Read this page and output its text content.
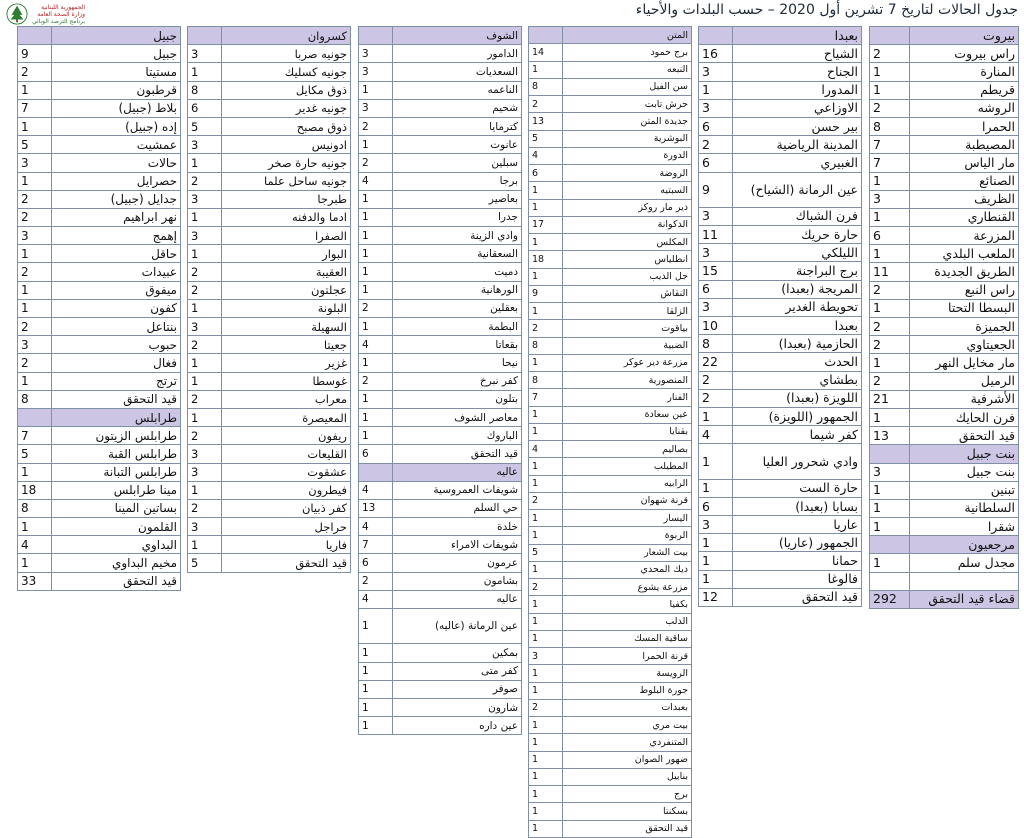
جدول الحالات لتاريخ 7 تشرين أول 2020 – حسب البلدات والأحياء
الجمهورية اللبنانية
وزارة الصحة العامة
برنامج الترصد الوبائي
بيروت	
راس بيروت	2
المنارة	1
قريطم	1
الروشه	2
الحمرا	8
المصيطبة	7
مار الياس	7
الصنائع	1
الظريف	3
القنطاري	1
المزرعة	6
الملعب البلدي	1
الطريق الجديدة	11
راس النبع	2
البسطا التحتا	1
الجميزة	2
الجعيتاوي	2
مار مخايل النهر	1
الرميل	2
الأشرفية	21
فرن الحايك	1
قيد التحقق	13
بنت جبيل	
بنت جبيل	3
تبنين	1
السلطانية	1
شقرا	1
مرجعيون	
مجدل سلم	1

قضاء قيد التحقق	292
بعبدا	
الشياح	16
الجناح	3
المدورا	1
الاوزاعي	3
بير حسن	6
المدينة الرياضية	2
الغبيري	6
عين الرمانة (الشياح)	9
فرن الشباك	3
حارة حريك	11
الليلكي	3
برج البراجنة	15
المريجة (بعبدا)	6
تحويطة الغدير	3
بعبدا	10
الحازمية (بعبدا)	8
الحدث	22
بطشاي	2
اللويزة (بعبدا)	2
الجمهور (اللويزة)	1
كفر شيما	4
وادي شحرور العليا	1
حارة الست	1
بسابا (بعبدا)	6
عاريا	3
الجمهور (عاريا)	1
حمانا	1
فالوغا	1
قيد التحقق	12
المتن	
برج حمود	14
النبعه	1
سن الفيل	8
حرش تابت	2
جديدة المتن	13
البوشرية	5
الدورة	4
الروضة	6
السبتيه	1
دير مار روكز	1
الدكوانة	17
المكلس	1
انطلياس	18
جل الديب	1
النقاش	9
الزلقا	1
بياقوت	2
الضبية	8
مزرعة دير عوكر	1
المنصورية	8
الفنار	7
عين سعادة	1
بقنايا	1
بصاليم	4
المطيلب	1
الرابيه	1
قرنة شهوان	2
اليسار	1
الربوة	1
بيت الشعار	5
ديك المحدي	1
مزرعة يشوع	2
بكفيا	1
الدلب	1
ساقية المسك	1
قرنة الحمرا	3
الرويسة	1
جورة البلوط	1
بعبدات	2
بيت مري	1
المتنفردي	1
ضهور الصوان	1
بنابيل	1
برج	1
بسكنتا	1
قيد التحقق	1
الشوف	
الدامور	3
السعديات	3
الناعمه	1
شحيم	3
كترمايا	2
عانوت	1
سبلين	2
برجا	4
بعاصير	1
جدرا	1
وادي الزينة	1
السعقانية	1
دميت	1
الورهانية	1
بعقلين	2
البطمة	1
بقعاتا	4
نيحا	1
كفر نبرخ	2
بتلون	1
معاصر الشوف	1
الباروك	1
قيد التحقق	6
عاليه	
شويفات العمروسية	4
حي السلم	13
خلدة	4
شويفات الامراء	7
عرمون	6
بشامون	2
عاليه	4
عين الرمانة (عاليه)	1
بمكين	1
كفر متى	1
صوفر	1
شارون	1
عين داره	1
كسروان	
جونيه صربا	3
جونيه كسليك	1
ذوق مكايل	8
جونيه غدير	6
ذوق مصبح	5
ادونيس	3
جونيه حارة صخر	1
جونيه ساحل علما	2
طبرجا	3
ادما والدفنه	1
الصفرا	3
البوار	1
العقيبة	2
عجلتون	2
البلونة	1
السهيلة	3
جعيتا	2
غزير	1
غوسطا	1
معراب	2
المعيصرة	1
ريفون	2
القليعات	3
عشقوت	3
فيطرون	1
كفر ذبيان	2
حراجل	3
فاريا	1
قيد التحقق	5
جبيل	
جبيل	9
مستيتا	2
قرطبون	1
بلاط (جبيل)	7
إده (جبيل)	1
عمشيت	5
حالات	3
حصرايل	1
جدايل (جبيل)	2
نهر ابراهيم	2
إهمج	3
حاقل	1
عبيدات	2
ميفوق	1
كفون	1
بنتاعل	2
حبوب	3
فغال	2
ترتج	1
قيد التحقق	8
طرابلس	
طرابلس الزيتون	7
طرابلس القبة	5
طرابلس التبانة	1
مينا طرابلس	18
بساتين المينا	8
القلمون	1
البداوي	4
مخيم البداوي	1
قيد التحقق	33
